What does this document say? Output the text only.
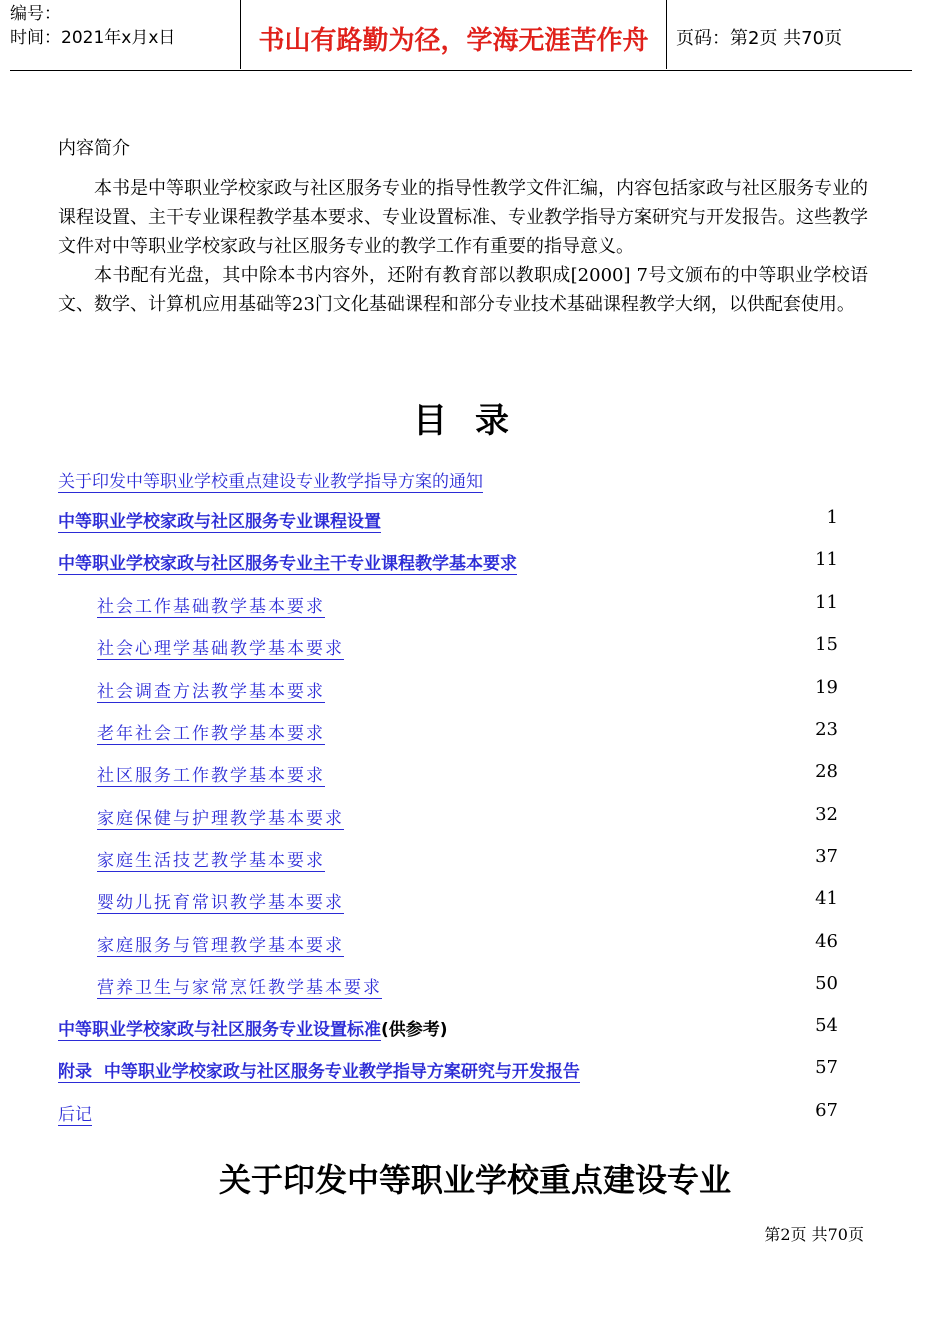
编号：
时间：2021年x月x日	书山有路勤为径，学海无涯苦作舟	页码：第2页 共70页
内容简介
本书是中等职业学校家政与社区服务专业的指导性教学文件汇编，内容包括家政与社区服务专业的课程设置、主干专业课程教学基本要求、专业设置标准、专业教学指导方案研究与开发报告。这些教学文件对中等职业学校家政与社区服务专业的教学工作有重要的指导意义。
本书配有光盘，其中除本书内容外，还附有教育部以教职成[2000] 7号文颁布的中等职业学校语文、数学、计算机应用基础等23门文化基础课程和部分专业技术基础课程教学大纲，以供配套使用。
目录
关于印发中等职业学校重点建设专业教学指导方案的通知
中等职业学校家政与社区服务专业课程设置	1
中等职业学校家政与社区服务专业主干专业课程教学基本要求	11
社会工作基础教学基本要求	11
社会心理学基础教学基本要求	15
社会调查方法教学基本要求	19
老年社会工作教学基本要求	23
社区服务工作教学基本要求	28
家庭保健与护理教学基本要求	32
家庭生活技艺教学基本要求	37
婴幼儿抚育常识教学基本要求	41
家庭服务与管理教学基本要求	46
营养卫生与家常烹饪教学基本要求	50
中等职业学校家政与社区服务专业设置标准(供参考)	54
附录  中等职业学校家政与社区服务专业教学指导方案研究与开发报告	57
后记	67
关于印发中等职业学校重点建设专业
第2页 共70页
